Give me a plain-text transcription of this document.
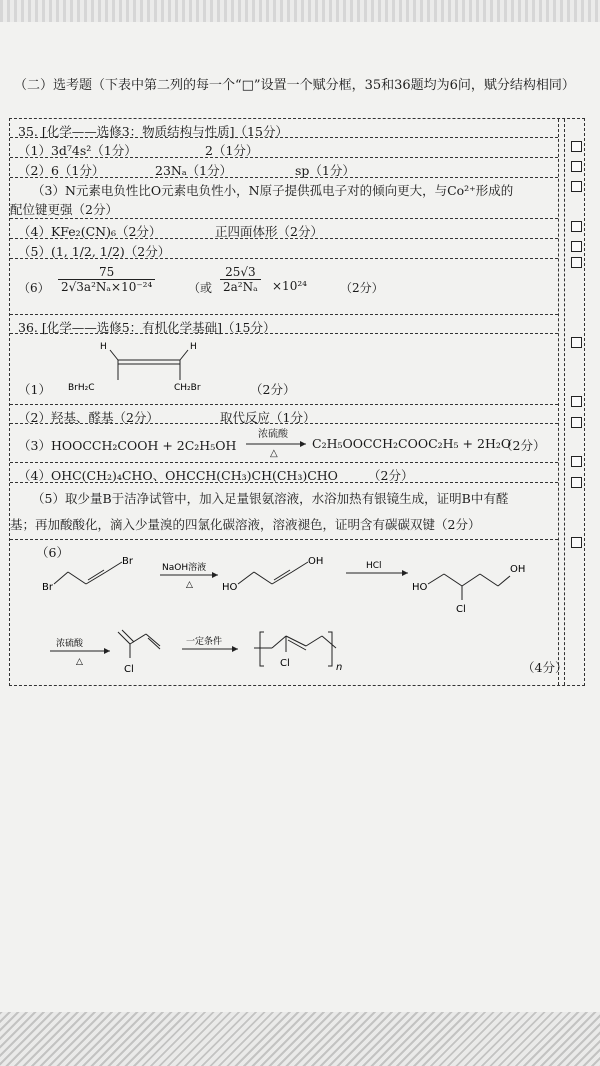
（二）选考题（下表中第二列的每一个“□”设置一个赋分框，35和36题均为6问，赋分结构相同）
35. [化学——选修3：物质结构与性质]（15分）
（1）3d⁷4s²（1分）	2（1分）
（2）6（1分）	23Nₐ（1分）	sp（1分）
（3）N元素电负性比O元素电负性小，N原子提供孤电子对的倾向更大，与Co²⁺形成的
配位键更强（2分）
（4）KFe₂(CN)₆（2分）	正四面体形（2分）
（5）(1, 1/2, 1/2)（2分）
$(6) \frac{75}{\text{2√3a²Nₐ×10⁻²⁴}}$	（或 $\frac{25√3}{\text{2a²Nₐ}} \times 10^{24}$	（2分）
36. [化学——选修5：有机化学基础]（15分）
（1）
H	H
BrH₂C	CH₂Br	（2分）
（2）羟基、醛基（2分）	取代反应（1分）
（3）HOOCCH₂COOH + 2C₂H₅OH
浓硫酸
△
C₂H₅OOCCH₂COOC₂H₅ + 2H₂O
（2分）
（4）OHC(CH₂)₄CHO、OHCCH(CH₃)CH(CH₃)CHO （2分）
（5）取少量B于洁净试管中，加入足量银氨溶液，水浴加热有银镜生成，证明B中有醛
基；再加酸酸化，滴入少量溴的四氯化碳溶液，溶液褪色，证明含有碳碳双键（2分）
（6）
Br
Br
NaOH溶液
△	HO
OH	HCl
HO
OH
Cl
浓硫酸
△
Cl
一定条件
Cl	n	（4分）
